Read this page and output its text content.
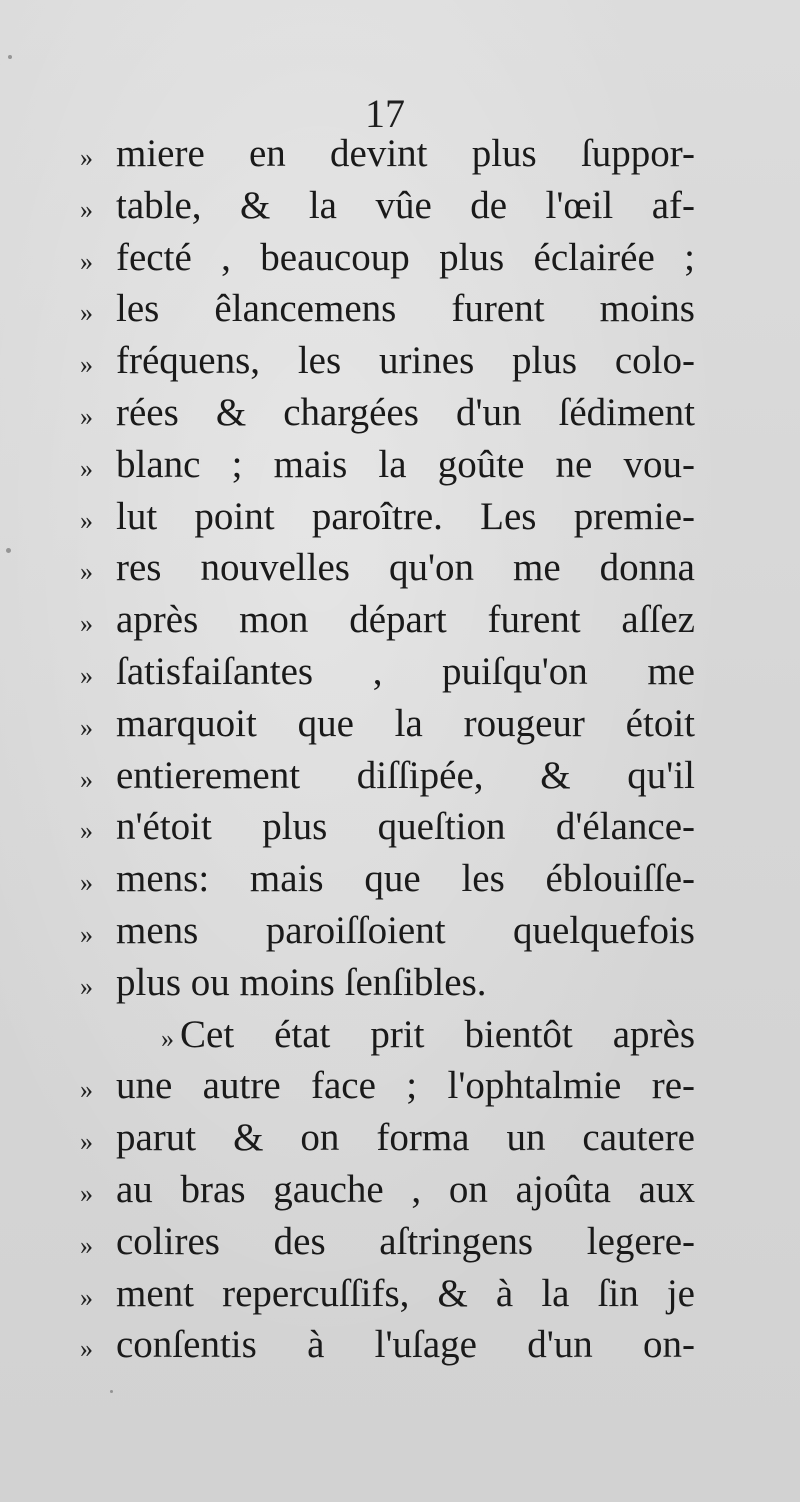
17
» miere en devint plus ſuppor-
» table, & la vûe de l'œil af-
» fecté , beaucoup plus éclairée ;
» les êlancemens furent moins
» fréquens, les urines plus colo-
» rées & chargées d'un ſédiment
» blanc ; mais la goûte ne vou-
» lut point paroître. Les premie-
» res nouvelles qu'on me donna
» après mon départ furent aſſez
» ſatisfaiſantes , puiſqu'on me
» marquoit que la rougeur étoit
» entierement diſſipée, & qu'il
» n'étoit plus queſtion d'élance-
» mens: mais que les éblouiſſe-
» mens paroiſſoient quelquefois
» plus ou moins ſenſibles.
» Cet état prit bientôt après
» une autre face ; l'ophtalmie re-
» parut & on forma un cautere
» au bras gauche , on ajoûta aux
» colires des aſtringens legere-
» ment repercuſſifs, & à la ſin je
» conſentis à l'uſage d'un on-
